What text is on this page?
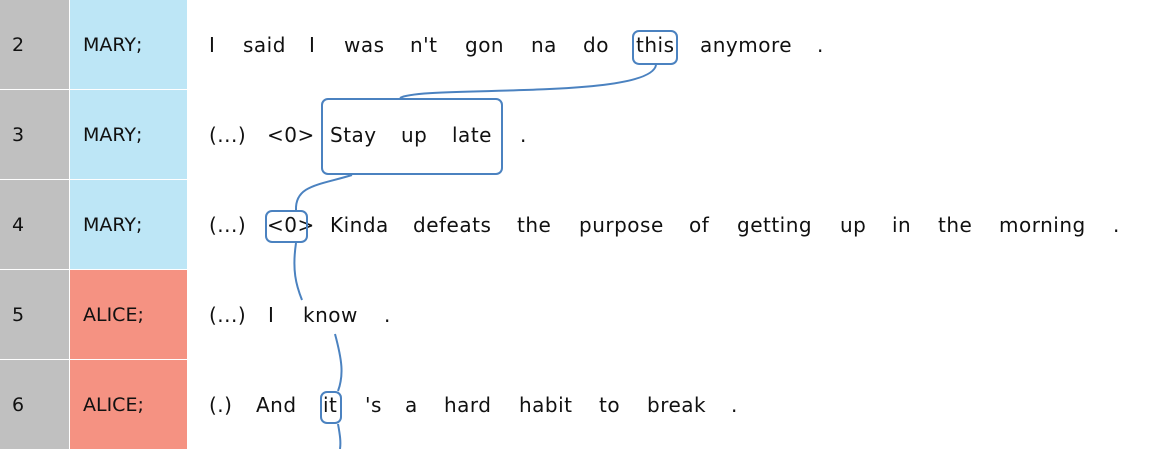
2	MARY;	I said I was n't gon na do this anymore .
3	MARY;	(...) <0> Stay up late .
4	MARY;	(...) <0> Kinda defeats the purpose of getting up in the morning .
5	ALICE;	(...) I know .
6	ALICE;	(.) And it 's a hard habit to break .
